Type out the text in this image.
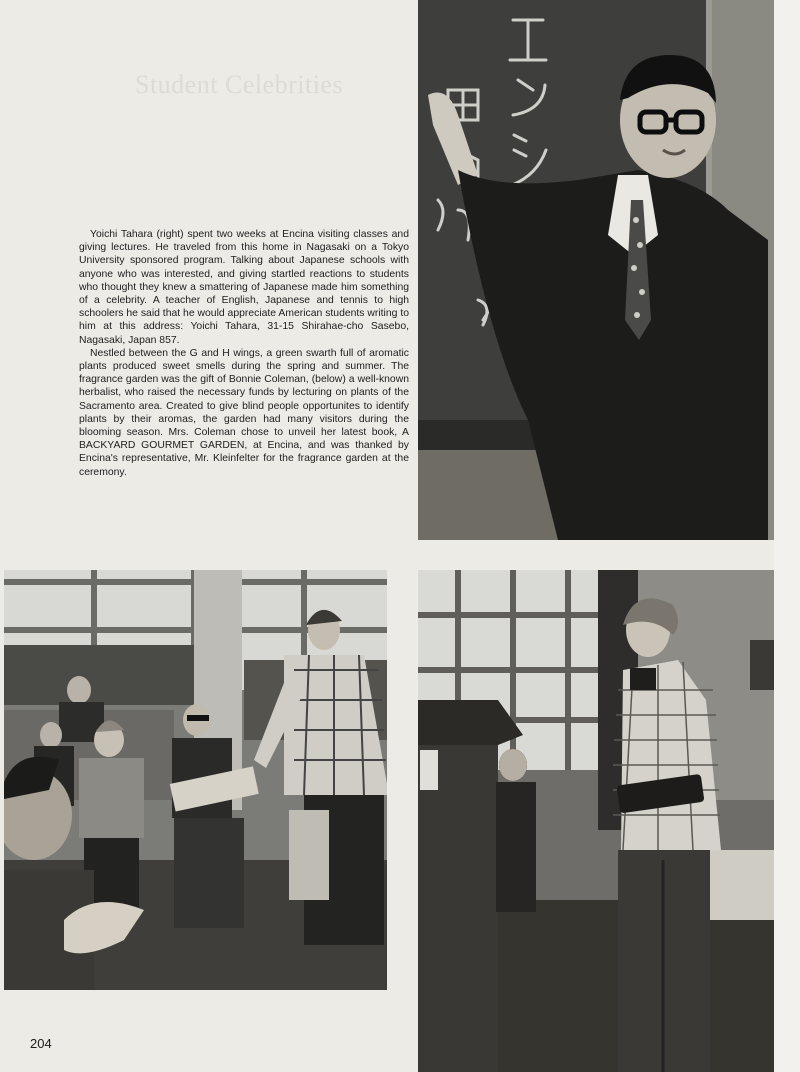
Student Celebrities

Yoichi Tahara (right) spent two weeks at Encina visiting classes and giving lectures. He traveled from this home in Nagasaki on a Tokyo University sponsored program. Talking about Japanese schools with anyone who was interested, and giving startled reactions to students who thought they knew a smattering of Japanese made him something of a celebrity. A teacher of English, Japanese and tennis to high schoolers he said that he would appreciate American students writing to him at this address: Yoichi Tahara, 31-15 Shirahae-cho Sasebo, Nagasaki, Japan 857.

Nestled between the G and H wings, a green swarth full of aromatic plants produced sweet smells during the spring and summer. The fragrance garden was the gift of Bonnie Coleman, (below) a well-known herbalist, who raised the necessary funds by lecturing on plants of the Sacramento area. Created to give blind people opportunites to identify plants by their aromas, the garden had many visitors during the blooming season. Mrs. Coleman chose to unveil her latest book, A BACKYARD GOURMET GARDEN, at Encina, and was thanked by Encina's representative, Mr. Kleinfelter for the fragrance garden at the ceremony.

204
